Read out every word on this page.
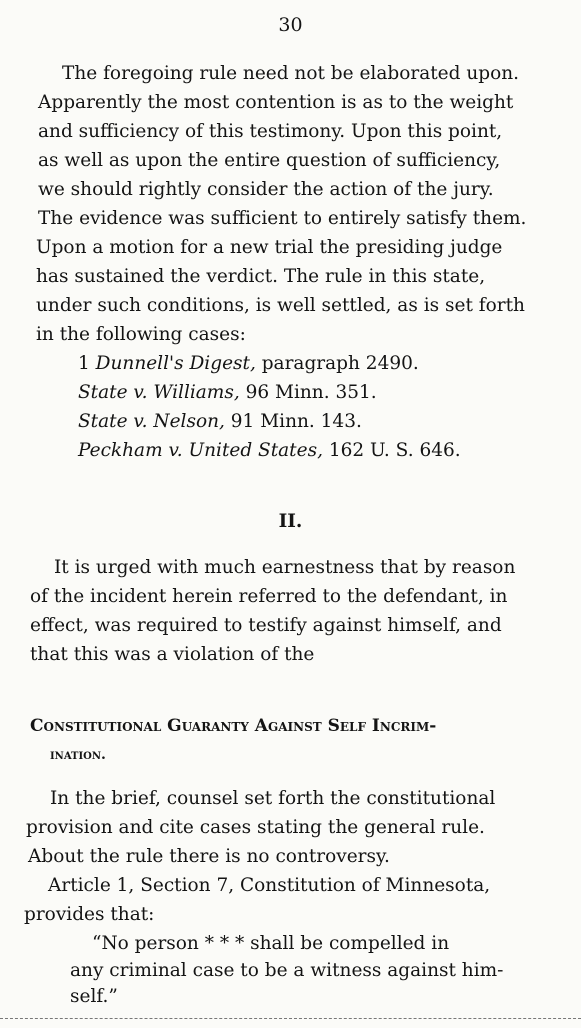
30
The foregoing rule need not be elaborated upon.
Apparently the most contention is as to the weight
and sufficiency of this testimony. Upon this point,
as well as upon the entire question of sufficiency,
we should rightly consider the action of the jury.
The evidence was sufficient to entirely satisfy them.
Upon a motion for a new trial the presiding judge
has sustained the verdict. The rule in this state,
under such conditions, is well settled, as is set forth
in the following cases:
1 Dunnell's Digest, paragraph 2490.
State v. Williams, 96 Minn. 351.
State v. Nelson, 91 Minn. 143.
Peckham v. United States, 162 U. S. 646.
II.
It is urged with much earnestness that by reason
of the incident herein referred to the defendant, in
effect, was required to testify against himself, and
that this was a violation of the
Constitutional Guaranty Against Self Incrim-
ination.
In the brief, counsel set forth the constitutional
provision and cite cases stating the general rule.
About the rule there is no controversy.
Article 1, Section 7, Constitution of Minnesota,
provides that:
“No person * * * shall be compelled in
any criminal case to be a witness against him-
self.”
